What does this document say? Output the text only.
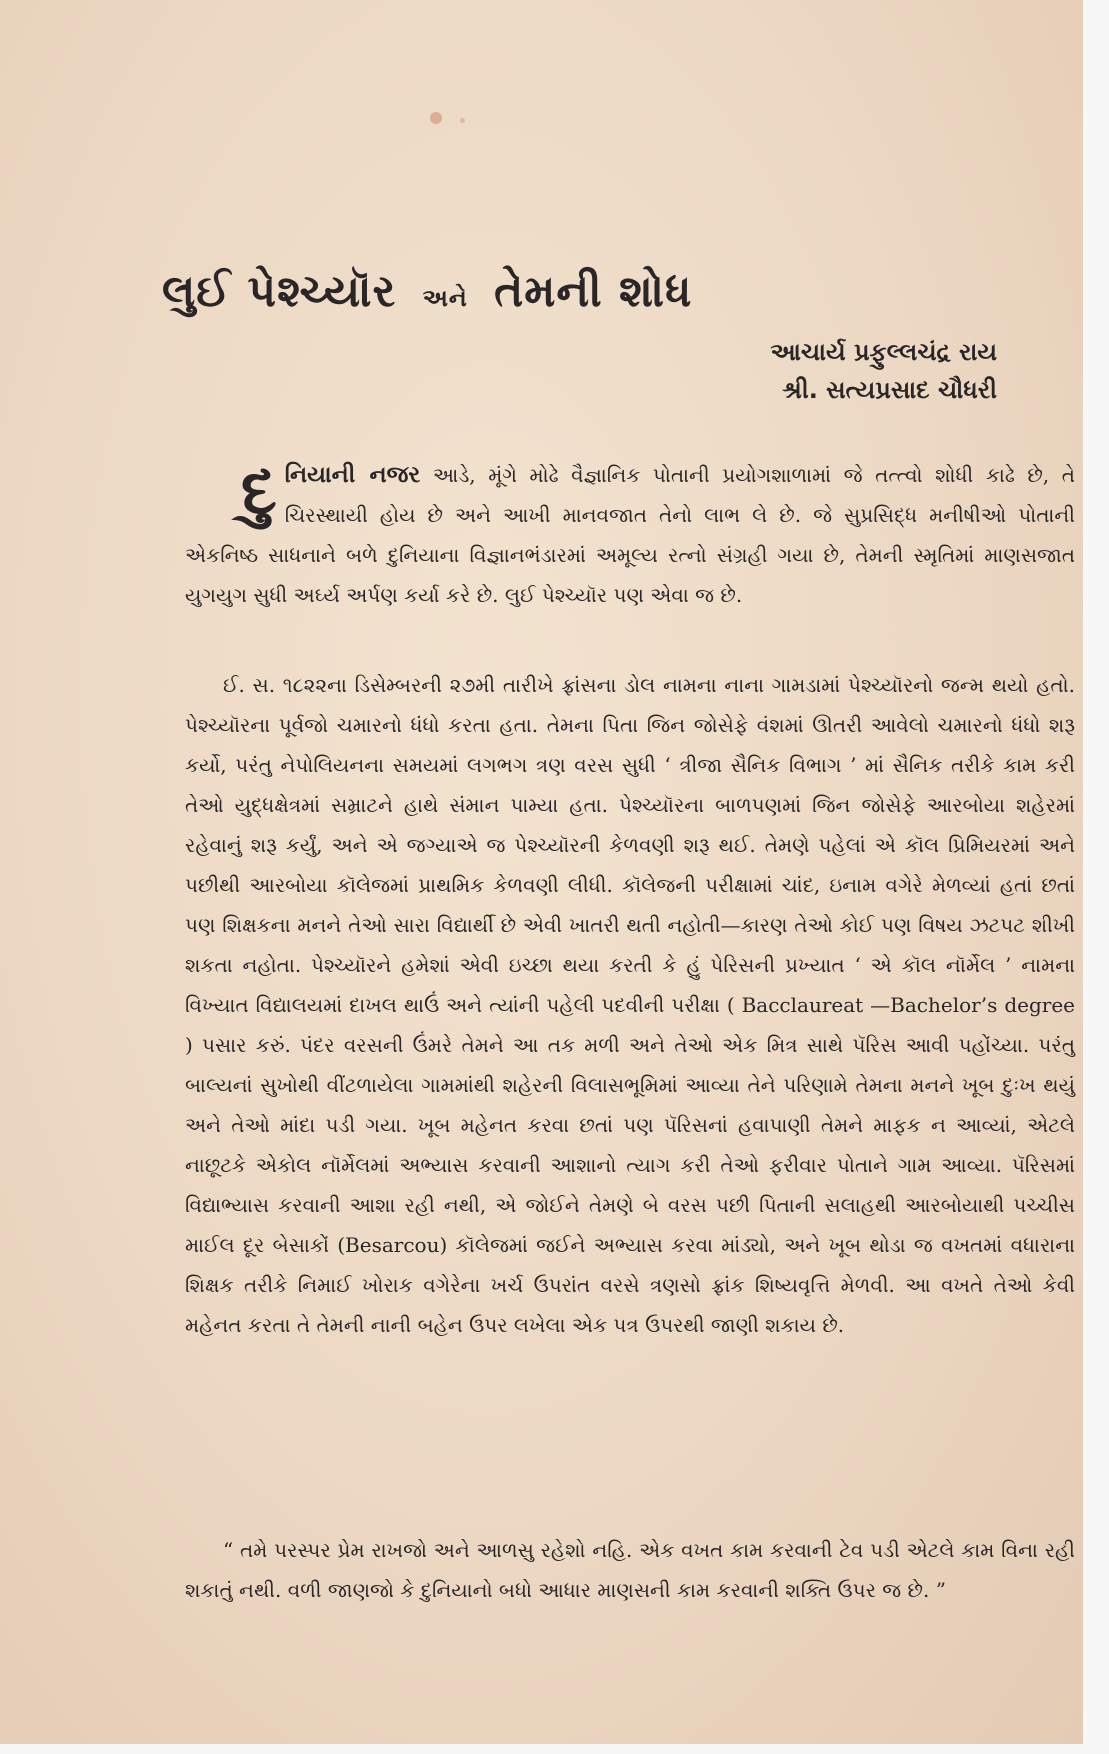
લુઈ પેશ્ચ્યૉર અને તેમની શોધ
આચાર્ય પ્રફુલ્લચંદ્ર રાય
શ્રી. સત્યપ્રસાદ ચૌધરી
દુનિયાની નજર આડે, મૂંગે મોઢે વૈજ્ઞાનિક પોતાની પ્રયોગશાળામાં જે તત્ત્વો શોધી કાઢે છે, તે ચિરસ્થાયી હોય છે અને આખી માનવજાત તેનો લાભ લે છે. જે સુપ્રસિદ્ધ મનીષીઓ પોતાની એકનિષ્ઠ સાધનાને બળે દુનિયાના વિજ્ઞાનભંડારમાં અમૂલ્ય રત્નો સંગ્રહી ગયા છે, તેમની સ્મૃતિમાં માણસજાત યુગયુગ સુધી અર્ઘ્ય અર્પણ કર્યા કરે છે. લુઈ પેશ્ચ્યૉર પણ એવા જ છે.
ઈ. સ. ૧૮૨૨ના ડિસેમ્બરની ૨૭મી તારીખે ફ્રાંસના ડોલ નામના નાના ગામડામાં પેશ્ચ્યૉરનો જન્મ થયો હતો. પેશ્ચ્યૉરના પૂર્વજો ચમારનો ધંધો કરતા હતા. તેમના પિતા જિન જોસેફે વંશમાં ઊતરી આવેલો ચમારનો ધંધો શરૂ કર્યો, પરંતુ નેપોલિયનના સમયમાં લગભગ ત્રણ વરસ સુધી ‘ ત્રીજા સૈનિક વિભાગ ’ માં સૈનિક તરીકે કામ કરી તેઓ યુદ્ધક્ષેત્રમાં સમ્રાટને હાથે સંમાન પામ્યા હતા. પેશ્ચ્યૉરના બાળપણમાં જિન જોસેફે આરબોયા શહેરમાં રહેવાનું શરૂ કર્યું, અને એ જગ્યાએ જ પેશ્ચ્યૉરની કેળવણી શરૂ થઈ. તેમણે પહેલાં એ કૉલ પ્રિમિયરમાં અને પછીથી આરબોયા કૉલેજમાં પ્રાથમિક કેળવણી લીધી. કૉલેજની પરીક્ષામાં ચાંદ, ઇનામ વગેરે મેળવ્યાં હતાં છતાં પણ શિક્ષકના મનને તેઓ સારા વિદ્યાર્થી છે એવી ખાતરી થતી નહોતી—કારણ તેઓ કોઈ પણ વિષય ઝટપટ શીખી શકતા નહોતા. પેશ્ચ્યૉરને હમેશાં એવી ઇચ્છા થયા કરતી કે હું પેરિસની પ્રખ્યાત ‘ એ કૉલ નૉર્મેલ ’ નામના વિખ્યાત વિદ્યાલયમાં દાખલ થાઉં અને ત્યાંની પહેલી પદવીની પરીક્ષા ( Bacclaureat —Bachelor’s degree ) પસાર કરું. પંદર વરસની ઉંમરે તેમને આ તક મળી અને તેઓ એક મિત્ર સાથે પૅરિસ આવી પહોંચ્યા. પરંતુ બાલ્યનાં સુખોથી વીંટળાયેલા ગામમાંથી શહેરની વિલાસભૂમિમાં આવ્યા તેને પરિણામે તેમના મનને ખૂબ દુઃખ થયું અને તેઓ માંદા પડી ગયા. ખૂબ મહેનત કરવા છતાં પણ પૅરિસનાં હવાપાણી તેમને માફક ન આવ્યાં, એટલે નાછૂટકે એકોલ નૉર્મેલમાં અભ્યાસ કરવાની આશાનો ત્યાગ કરી તેઓ ફરીવાર પોતાને ગામ આવ્યા. પૅરિસમાં વિદ્યાભ્યાસ કરવાની આશા રહી નથી, એ જોઈને તેમણે બે વરસ પછી પિતાની સલાહથી આરબોયાથી પચ્ચીસ માઈલ દૂર બેસાકોં (Besarcou) કૉલેજમાં જઈને અભ્યાસ કરવા માંડ્યો, અને ખૂબ થોડા જ વખતમાં વધારાના શિક્ષક તરીકે નિમાઈ ખોરાક વગેરેના ખર્ચ ઉપરાંત વરસે ત્રણસો ફ્રાંક શિષ્યવૃત્તિ મેળવી. આ વખતે તેઓ કેવી મહેનત કરતા તે તેમની નાની બહેન ઉપર લખેલા એક પત્ર ઉપરથી જાણી શકાય છે.
“ તમે પરસ્પર પ્રેમ રાખજો અને આળસુ રહેશો નહિ. એક વખત કામ કરવાની ટેવ પડી એટલે કામ વિના રહી શકાતું નથી. વળી જાણજો કે દુનિયાનો બધો આધાર માણસની કામ કરવાની શક્તિ ઉપર જ છે. ”
